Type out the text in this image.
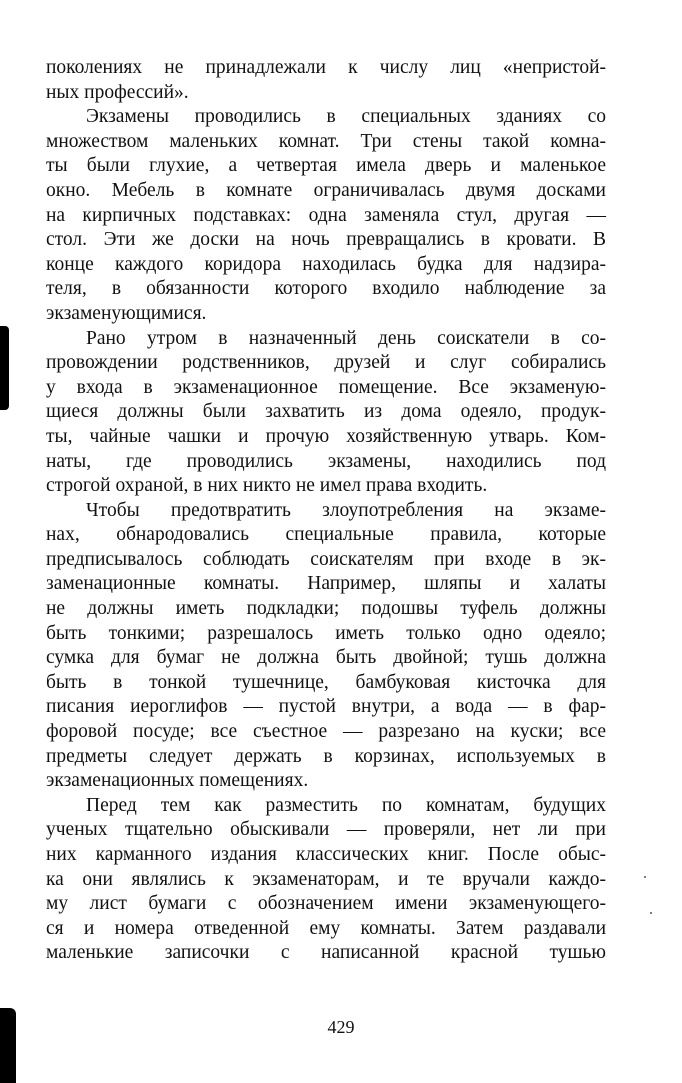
поколениях не принадлежали к числу лиц «непристой-
ных профессий».
Экзамены проводились в специальных зданиях со
множеством маленьких комнат. Три стены такой комна-
ты были глухие, а четвертая имела дверь и маленькое
окно. Мебель в комнате ограничивалась двумя досками
на кирпичных подставках: одна заменяла стул, другая —
стол. Эти же доски на ночь превращались в кровати. В
конце каждого коридора находилась будка для надзира-
теля, в обязанности которого входило наблюдение за
экзаменующимися.
Рано утром в назначенный день соискатели в со-
провождении родственников, друзей и слуг собирались
у входа в экзаменационное помещение. Все экзаменую-
щиеся должны были захватить из дома одеяло, продук-
ты, чайные чашки и прочую хозяйственную утварь. Ком-
наты, где проводились экзамены, находились под
строгой охраной, в них никто не имел права входить.
Чтобы предотвратить злоупотребления на экзаме-
нах, обнародовались специальные правила, которые
предписывалось соблюдать соискателям при входе в эк-
заменационные комнаты. Например, шляпы и халаты
не должны иметь подкладки; подошвы туфель должны
быть тонкими; разрешалось иметь только одно одеяло;
сумка для бумаг не должна быть двойной; тушь должна
быть в тонкой тушечнице, бамбуковая кисточка для
писания иероглифов — пустой внутри, а вода — в фар-
форовой посуде; все съестное — разрезано на куски; все
предметы следует держать в корзинах, используемых в
экзаменационных помещениях.
Перед тем как разместить по комнатам, будущих
ученых тщательно обыскивали — проверяли, нет ли при
них карманного издания классических книг. После обыс-
ка они являлись к экзаменаторам, и те вручали каждо-
му лист бумаги с обозначением имени экзаменующего-
ся и номера отведенной ему комнаты. Затем раздавали
маленькие записочки с написанной красной тушью
429
